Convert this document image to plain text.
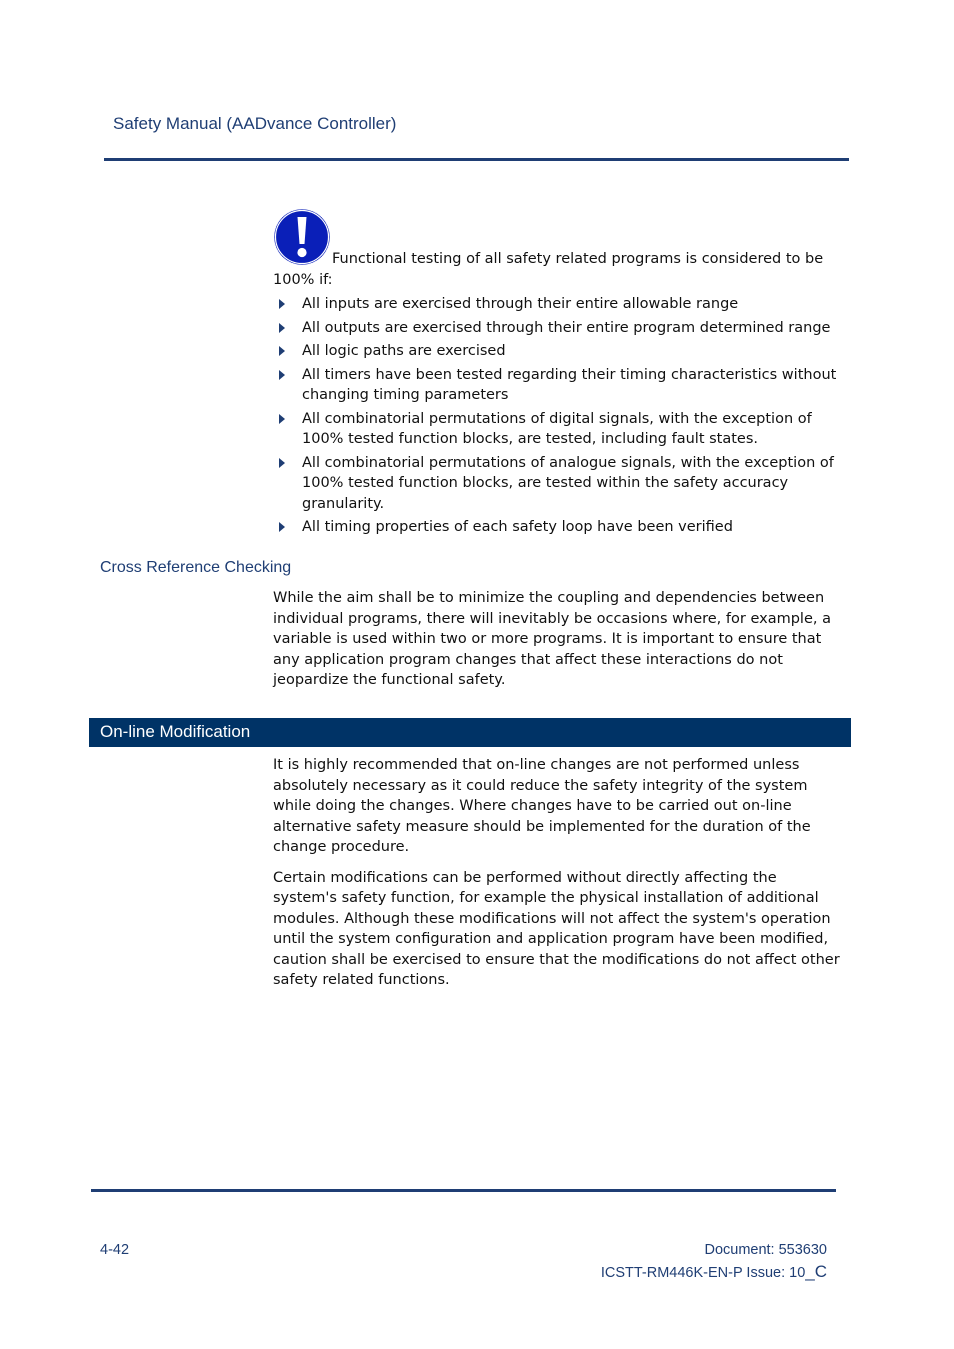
Safety Manual (AADvance Controller)
Functional testing of all safety related programs is considered to be 100% if:
All inputs are exercised through their entire allowable range
All outputs are exercised through their entire program determined range
All logic paths are exercised
All timers have been tested regarding their timing characteristics without changing timing parameters
All combinatorial permutations of digital signals, with the exception of 100% tested function blocks, are tested, including fault states.
All combinatorial permutations of analogue signals, with the exception of 100% tested function blocks, are tested within the safety accuracy granularity.
All timing properties of each safety loop have been verified
Cross Reference Checking
While the aim shall be to minimize the coupling and dependencies between individual programs, there will inevitably be occasions where, for example, a variable is used within two or more programs. It is important to ensure that any application program changes that affect these interactions do not jeopardize the functional safety.
On-line Modification

It is highly recommended that on-line changes are not performed unless absolutely necessary as it could reduce the safety integrity of the system while doing the changes. Where changes have to be carried out on-line alternative safety measure should be implemented for the duration of the change procedure.

Certain modifications can be performed without directly affecting the system's safety function, for example the physical installation of additional modules. Although these modifications will not affect the system's operation until the system configuration and application program have been modified, caution shall be exercised to ensure that the modifications do not affect other safety related functions.

4-42	Document: 553630
ICSTT-RM446K-EN-P Issue: 10_C
